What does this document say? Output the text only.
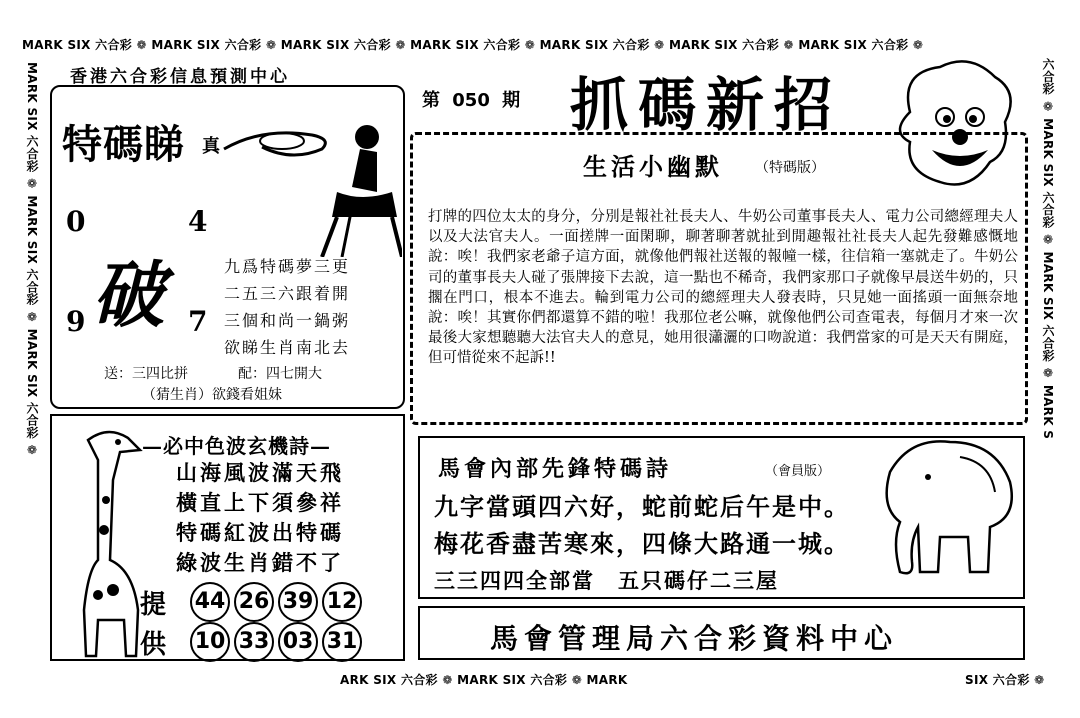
MARK SIX 六合彩 ❁ MARK SIX 六合彩 ❁ MARK SIX 六合彩 ❁ MARK SIX 六合彩 ❁ MARK SIX 六合彩 ❁ MARK SIX 六合彩 ❁ MARK SIX 六合彩 ❁
ARK SIX 六合彩 ❁ MARK SIX 六合彩 ❁ MARK	SIX 六合彩 ❁
MARK SIX 六合彩 ❁ MARK SIX 六合彩 ❁ MARK SIX 六合彩 ❁	六合彩 ❁ MARK SIX 六合彩 ❁ MARK SIX 六合彩 ❁ MARK S
香港六合彩信息預測中心
特碼睇 真
0	4
9	7
破	九爲特碼夢三更
二五三六跟着開
三個和尚一鍋粥
欲睇生肖南北去
送：三四比拼	配：四七開大
（猜生肖）欲錢看姐妹
第 050 期 抓碼新招
生活小幽默 （特碼版）
打牌的四位太太的身分，分別是報社社長夫人、牛奶公司董事長夫人、電力公司總經理夫人以及大法官夫人。一面搓牌一面閑聊，聊著聊著就扯到閒趣報社社長夫人起先發難感慨地說：唉！我們家老爺子這方面，就像他們報社送報的報幢一樣，往信箱一塞就走了。牛奶公司的董事長夫人碰了張牌接下去說，這一點也不稀奇，我們家那口子就像早晨送牛奶的，只擱在門口，根本不進去。輪到電力公司的總經理夫人發表時，只見她一面搖頭一面無奈地說：唉！其實你們都還算不錯的啦！我那位老公嘛，就像他們公司查電表，每個月才來一次最後大家想聽聽大法官夫人的意見，她用很瀟灑的口吻說道：我們當家的可是天天有開庭，但可惜從來不起訴!!
—必中色波玄機詩—
山海風波滿天飛
橫直上下須參祥
特碼紅波出特碼
綠波生肖錯不了
提
供
44 26 39 12
10 33 03 31
馬會內部先鋒特碼詩	（會員版）
九字當頭四六好，蛇前蛇后午是中。
梅花香盡苦寒來，四條大路通一城。
三三四四全部當　五只碼仔二三屋
馬會管理局六合彩資料中心
